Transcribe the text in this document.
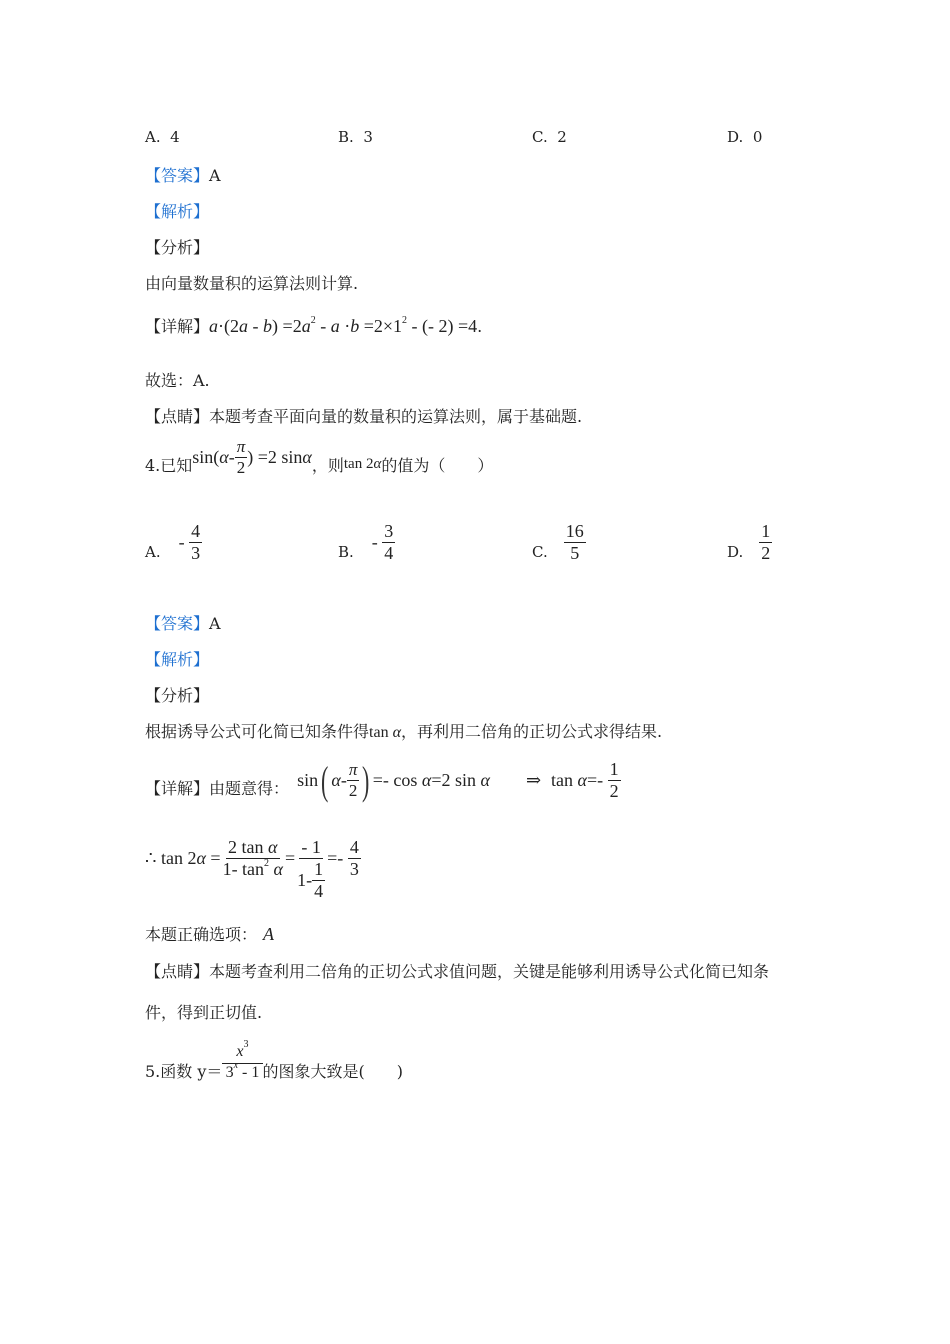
A. 4	B. 3	C. 2	D. 0
【答案】A
【解析】
【分析】
由向量数量积的运算法则计算.
【详解】$a\cdot(2a - b) =2a^2 - a \cdot b =2\times 1^2$ - (- 2) =4.
故选：A.
【点睛】本题考查平面向量的数量积的运算法则，属于基础题.
4.已知 sin( α - $\frac{\pi}{2}$ ) =2 sin α ，则 tan 2α 的值为（　　）
A. -
$\frac{4}{3}$	B. -
$\frac{3}{4}$	C. $\frac{16}{5}$	D. $\frac{1}{2}$
【答案】A
【解析】
【分析】
根据诱导公式可化简已知条件得tan α，再利用二倍角的正切公式求得结果.
【详解】由题意得： sin ( α - $\frac{\pi}{2}$ ) =- cos
α =2 sin
α ⇒ tan
α =-
$\frac{1}{2}$
∴ $\tan 2\alpha = \frac{\text{2 tan α}}{1- \tan^2 \alpha} = \frac{- 1}{1- \frac{1}{4}}$ =-
$\frac{4}{3}$
本题正确选项： A
【点睛】本题考查利用二倍角的正切公式求值问题，关键是能够利用诱导公式化简已知条
件，得到正切值.
5.函数 $y= \frac{x^3}{3^x - 1}$ 的图象大致是(　　)
